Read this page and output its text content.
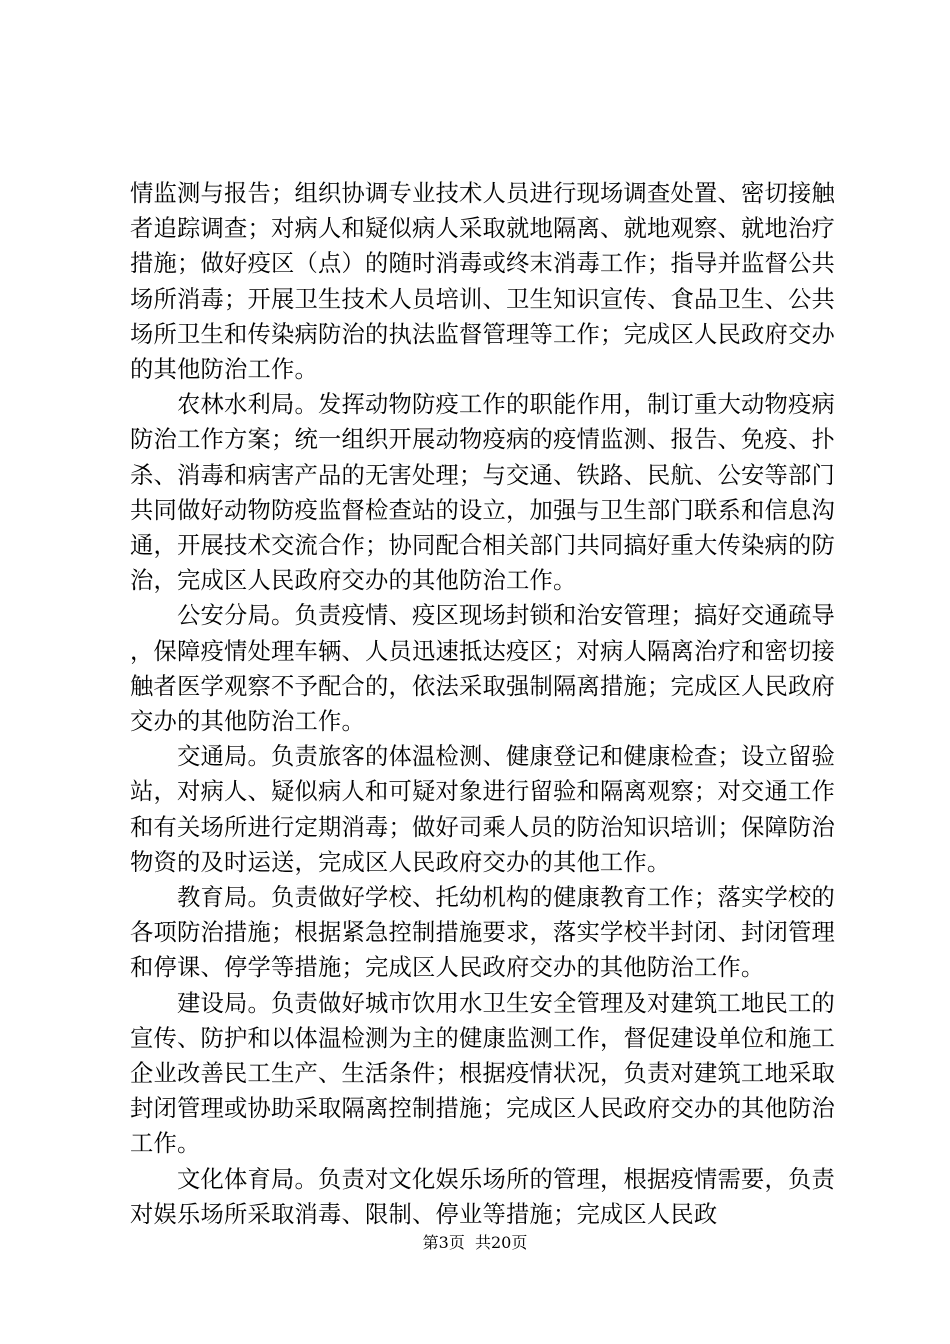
情监测与报告；组织协调专业技术人员进行现场调查处置、密切接触者追踪调查；对病人和疑似病人采取就地隔离、就地观察、就地治疗措施；做好疫区（点）的随时消毒或终末消毒工作；指导并监督公共场所消毒；开展卫生技术人员培训、卫生知识宣传、食品卫生、公共场所卫生和传染病防治的执法监督管理等工作；完成区人民政府交办的其他防治工作。

农林水利局。发挥动物防疫工作的职能作用，制订重大动物疫病防治工作方案；统一组织开展动物疫病的疫情监测、报告、免疫、扑杀、消毒和病害产品的无害处理；与交通、铁路、民航、公安等部门共同做好动物防疫监督检查站的设立，加强与卫生部门联系和信息沟通，开展技术交流合作；协同配合相关部门共同搞好重大传染病的防治，完成区人民政府交办的其他防治工作。

公安分局。负责疫情、疫区现场封锁和治安管理；搞好交通疏导，保障疫情处理车辆、人员迅速抵达疫区；对病人隔离治疗和密切接触者医学观察不予配合的，依法采取强制隔离措施；完成区人民政府交办的其他防治工作。

交通局。负责旅客的体温检测、健康登记和健康检查；设立留验站，对病人、疑似病人和可疑对象进行留验和隔离观察；对交通工作和有关场所进行定期消毒；做好司乘人员的防治知识培训；保障防治物资的及时运送，完成区人民政府交办的其他工作。

教育局。负责做好学校、托幼机构的健康教育工作；落实学校的各项防治措施；根据紧急控制措施要求，落实学校半封闭、封闭管理和停课、停学等措施；完成区人民政府交办的其他防治工作。

建设局。负责做好城市饮用水卫生安全管理及对建筑工地民工的宣传、防护和以体温检测为主的健康监测工作，督促建设单位和施工企业改善民工生产、生活条件；根据疫情状况，负责对建筑工地采取封闭管理或协助采取隔离控制措施；完成区人民政府交办的其他防治工作。

文化体育局。负责对文化娱乐场所的管理，根据疫情需要，负责对娱乐场所采取消毒、限制、停业等措施；完成区人民政

第3页  共20页
